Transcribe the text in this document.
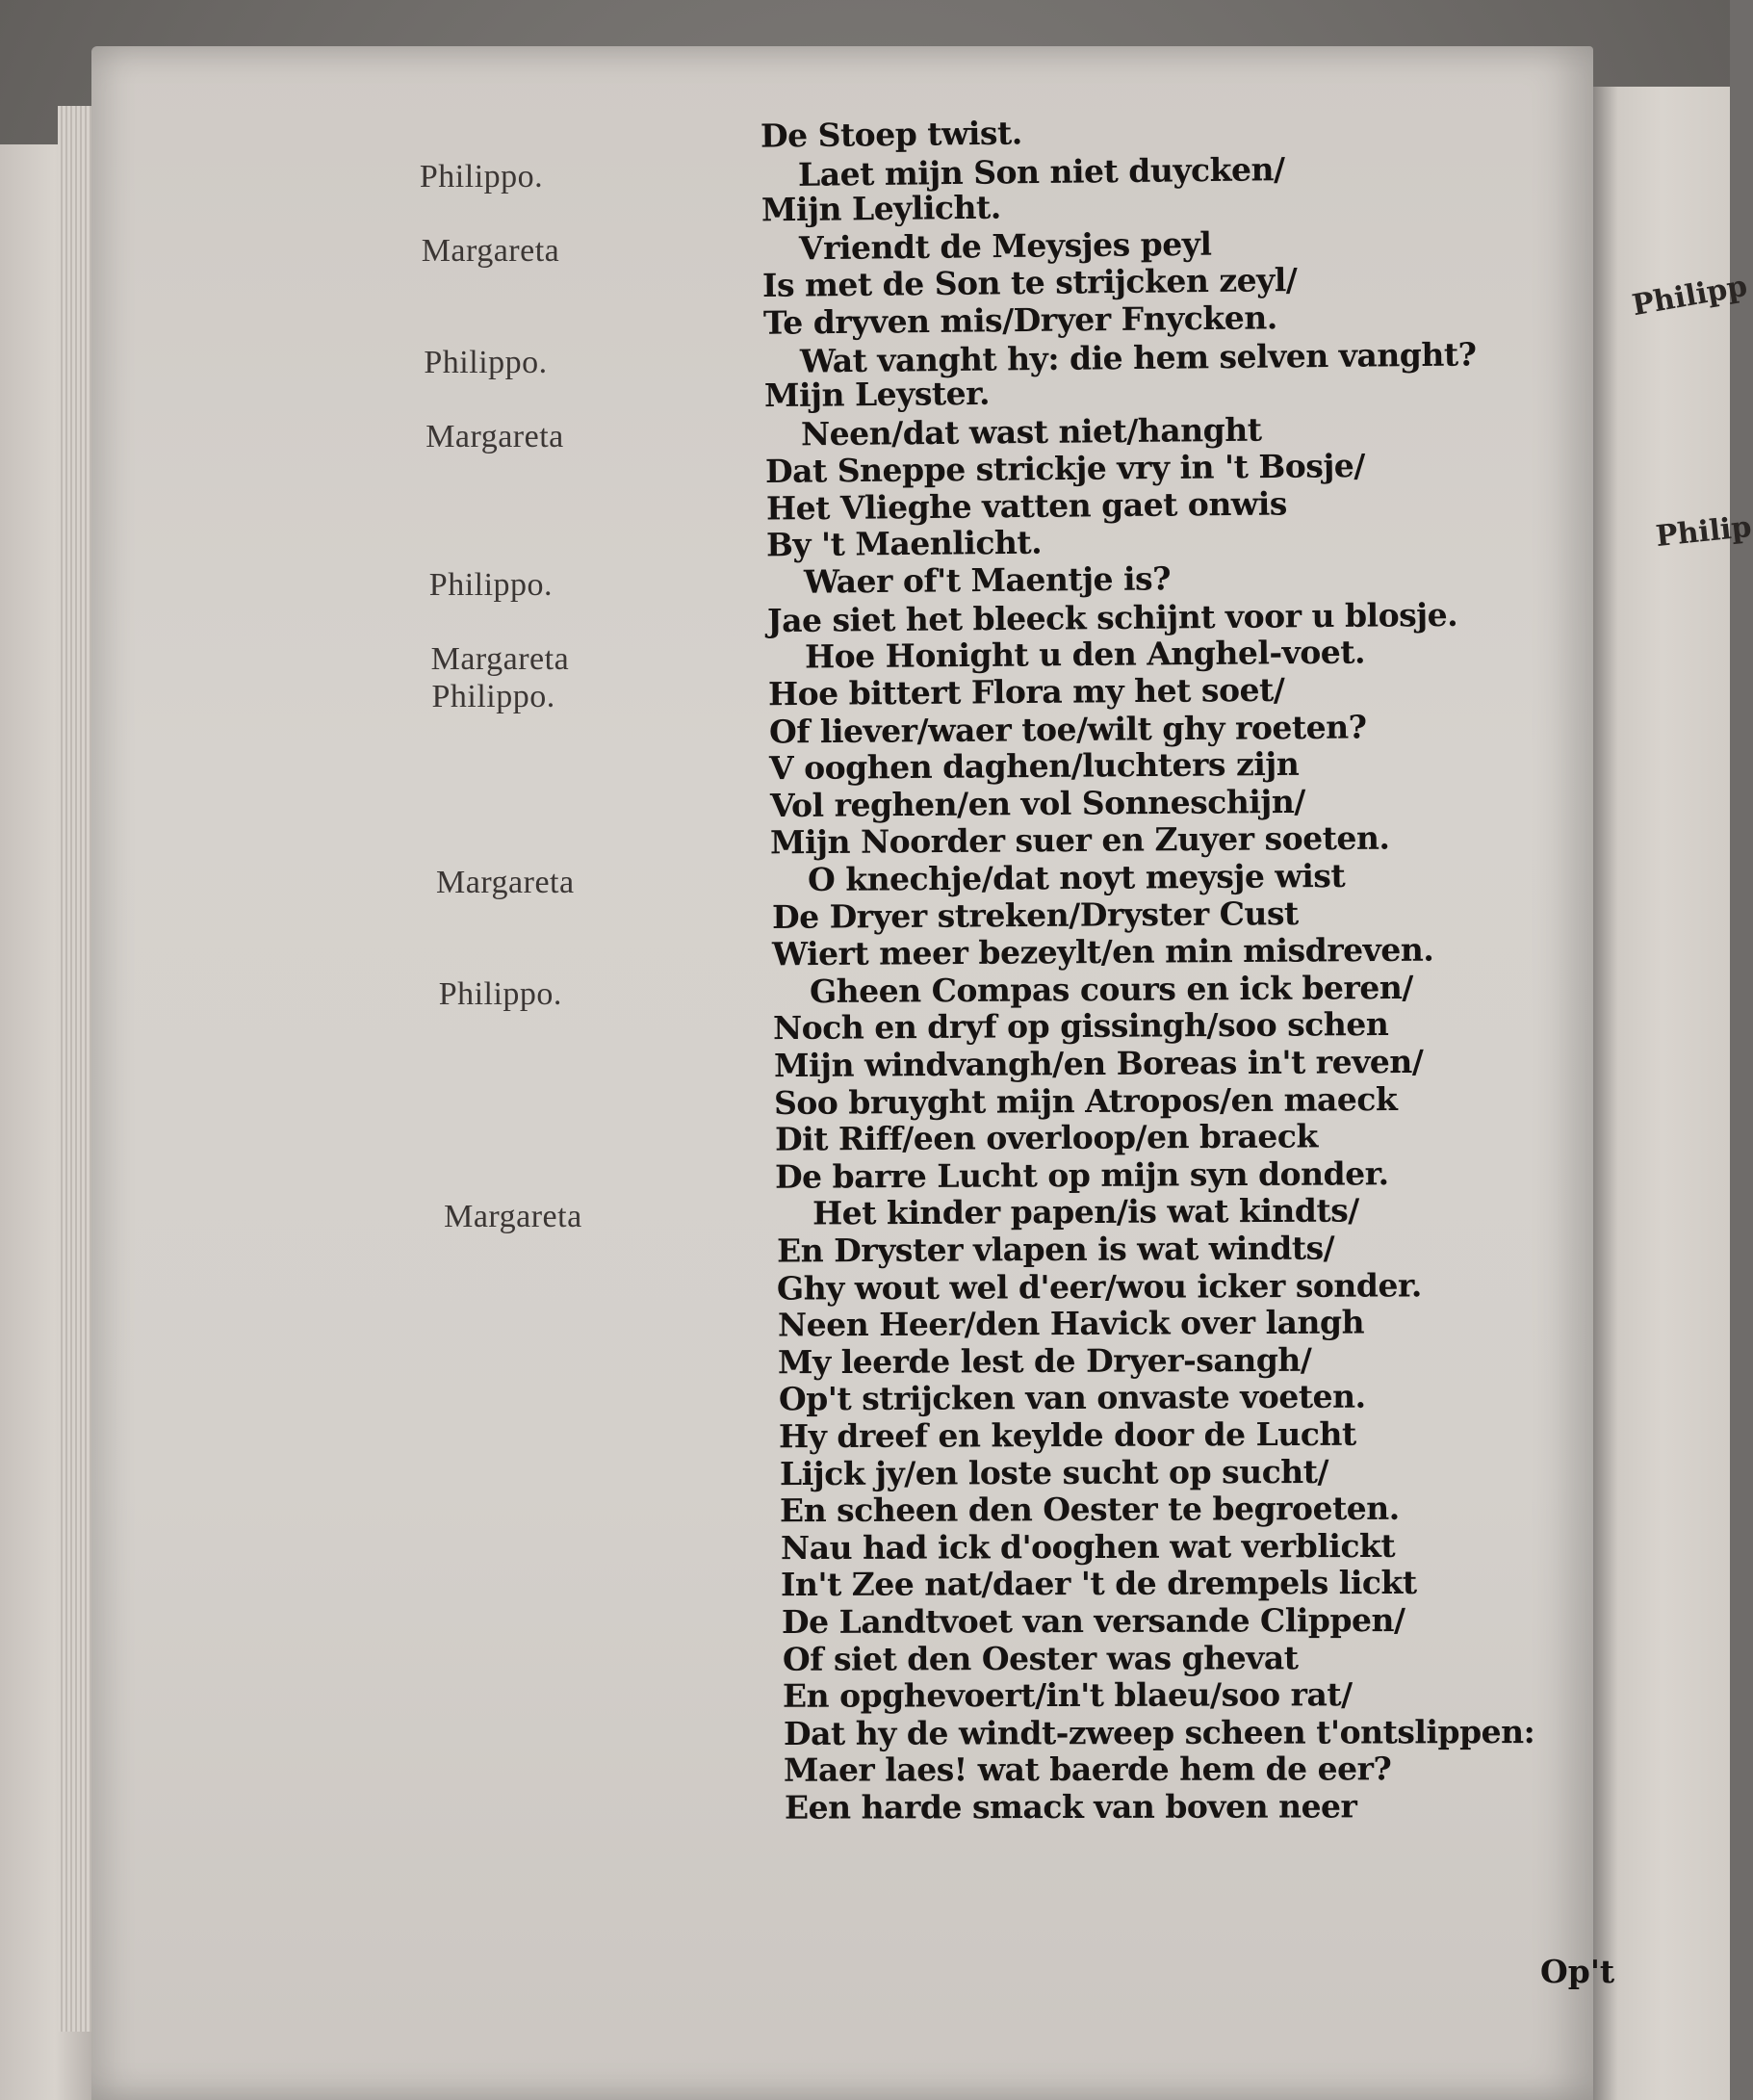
Philipp
Philip
De Stoep twist.
Philippo.	Laet mijn Son niet duycken/
Mijn Leylicht.
Margareta	Vriendt de Meysjes peyl
Is met de Son te strijcken zeyl/
Te dryven mis/Dryer Fnycken.
Philippo.	Wat vanght hy: die hem selven vanght?
Mijn Leyster.
Margareta	Neen/dat wast niet/hanght
Dat Sneppe strickje vry in 't Bosje/
Het Vlieghe vatten gaet onwis
By 't Maenlicht.
Philippo.	Waer of't Maentje is?
Jae siet het bleeck schijnt voor u blosje.
Margareta	Hoe Honight u den Anghel-voet.
Philippo.	Hoe bittert Flora my het soet/
Of liever/waer toe/wilt ghy roeten?
V ooghen daghen/luchters zijn
Vol reghen/en vol Sonneschijn/
Mijn Noorder suer en Zuyer soeten.
Margareta	O knechje/dat noyt meysje wist
De Dryer streken/Dryster Cust
Wiert meer bezeylt/en min misdreven.
Philippo.	Gheen Compas cours en ick beren/
Noch en dryf op gissingh/soo schen
Mijn windvangh/en Boreas in't reven/
Soo bruyght mijn Atropos/en maeck
Dit Riff/een overloop/en braeck
De barre Lucht op mijn syn donder.
Margareta	Het kinder papen/is wat kindts/
En Dryster vlapen is wat windts/
Ghy wout wel d'eer/wou icker sonder.
Neen Heer/den Havick over langh
My leerde lest de Dryer-sangh/
Op't strijcken van onvaste voeten.
Hy dreef en keylde door de Lucht
Lijck jy/en loste sucht op sucht/
En scheen den Oester te begroeten.
Nau had ick d'ooghen wat verblickt
In't Zee nat/daer 't de drempels lickt
De Landtvoet van versande Clippen/
Of siet den Oester was ghevat
En opghevoert/in't blaeu/soo rat/
Dat hy de windt-zweep scheen t'ontslippen:
Maer laes! wat baerde hem de eer?
Een harde smack van boven neer
Op't
